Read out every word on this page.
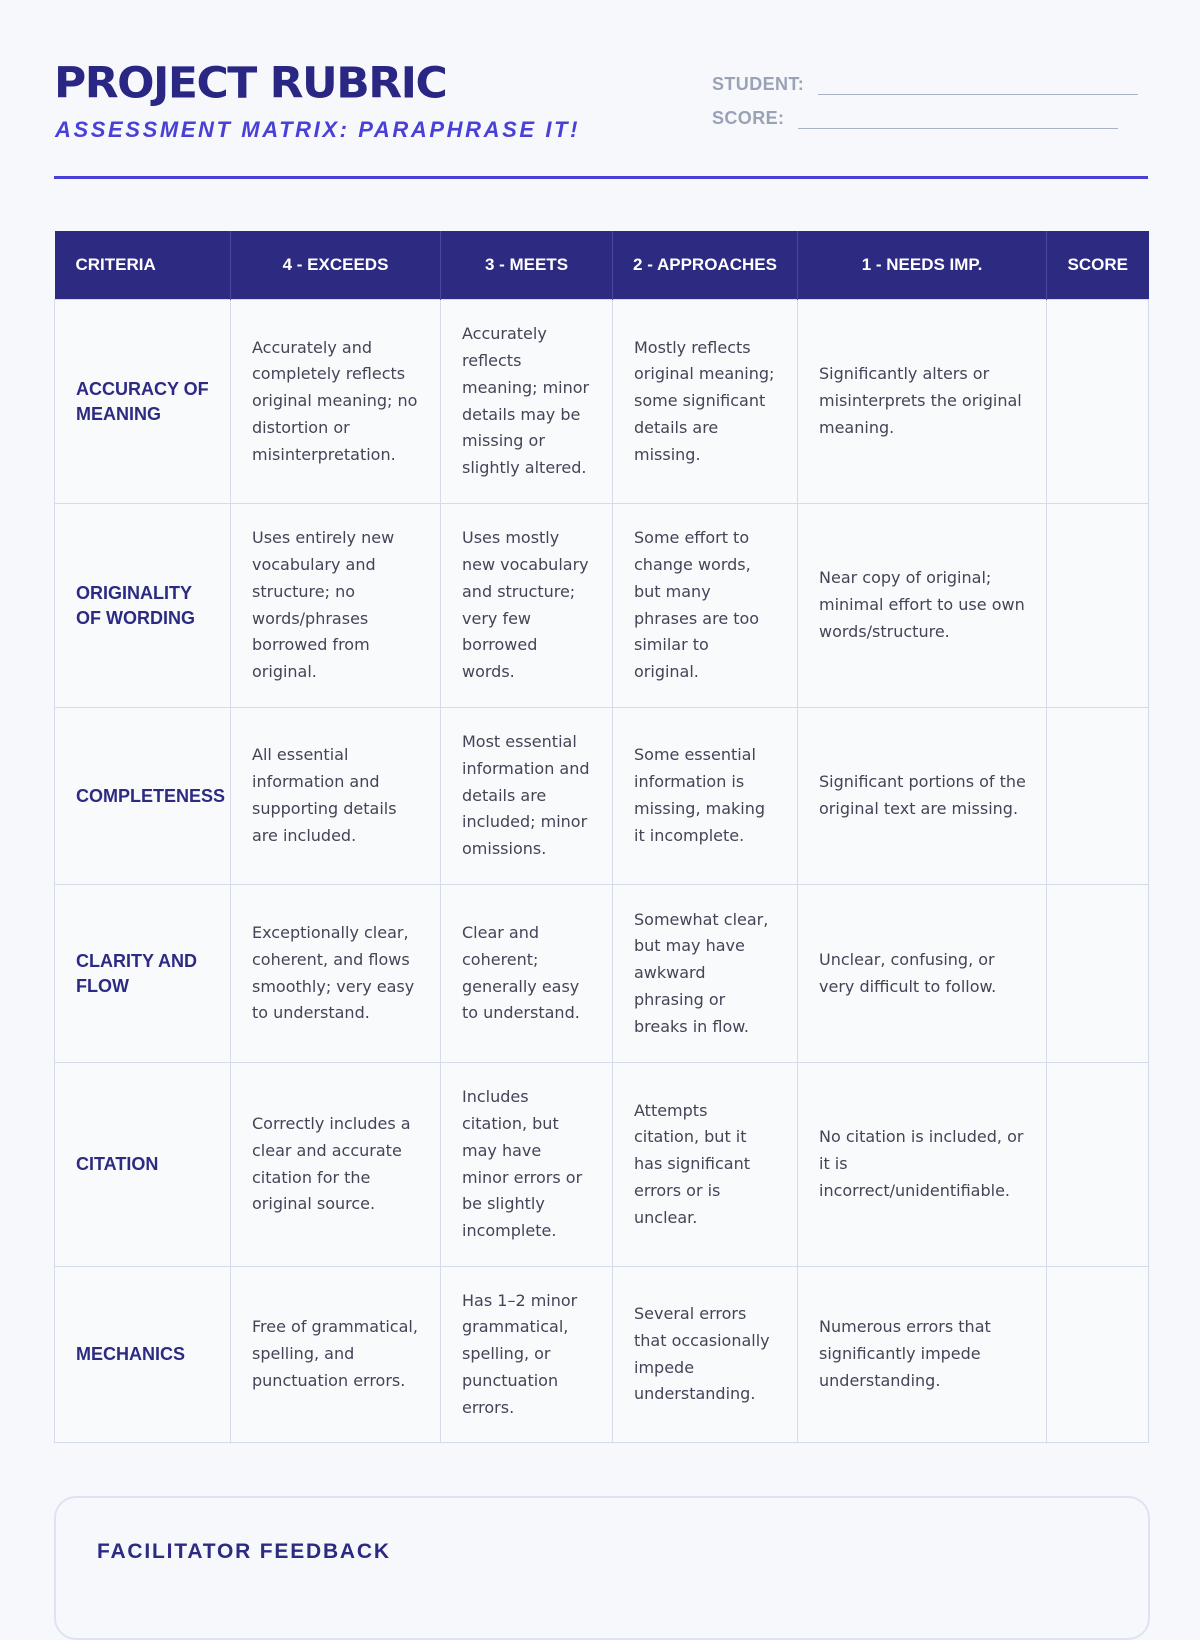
PROJECT RUBRIC
ASSESSMENT MATRIX: PARAPHRASE IT!
STUDENT:
SCORE:
CRITERIA	4 - EXCEEDS	3 - MEETS	2 - APPROACHES	1 - NEEDS IMP.	SCORE
ACCURACY OF MEANING	Accurately and completely reflects original meaning; no distortion or misinterpretation.	Accurately reflects meaning; minor details may be missing or slightly altered.	Mostly reflects original meaning; some significant details are missing.	Significantly alters or misinterprets the original meaning.	
ORIGINALITY OF WORDING	Uses entirely new vocabulary and structure; no words/phrases borrowed from original.	Uses mostly new vocabulary and structure; very few borrowed words.	Some effort to change words, but many phrases are too similar to original.	Near copy of original; minimal effort to use own words/structure.	
COMPLETENESS	All essential information and supporting details are included.	Most essential information and details are included; minor omissions.	Some essential information is missing, making it incomplete.	Significant portions of the original text are missing.	
CLARITY AND FLOW	Exceptionally clear, coherent, and flows smoothly; very easy to understand.	Clear and coherent; generally easy to understand.	Somewhat clear, but may have awkward phrasing or breaks in flow.	Unclear, confusing, or very difficult to follow.	
CITATION	Correctly includes a clear and accurate citation for the original source.	Includes citation, but may have minor errors or be slightly incomplete.	Attempts citation, but it has significant errors or is unclear.	No citation is included, or it is incorrect/unidentifiable.	
MECHANICS	Free of grammatical, spelling, and punctuation errors.	Has 1–2 minor grammatical, spelling, or punctuation errors.	Several errors that occasionally impede understanding.	Numerous errors that significantly impede understanding.	
FACILITATOR FEEDBACK
